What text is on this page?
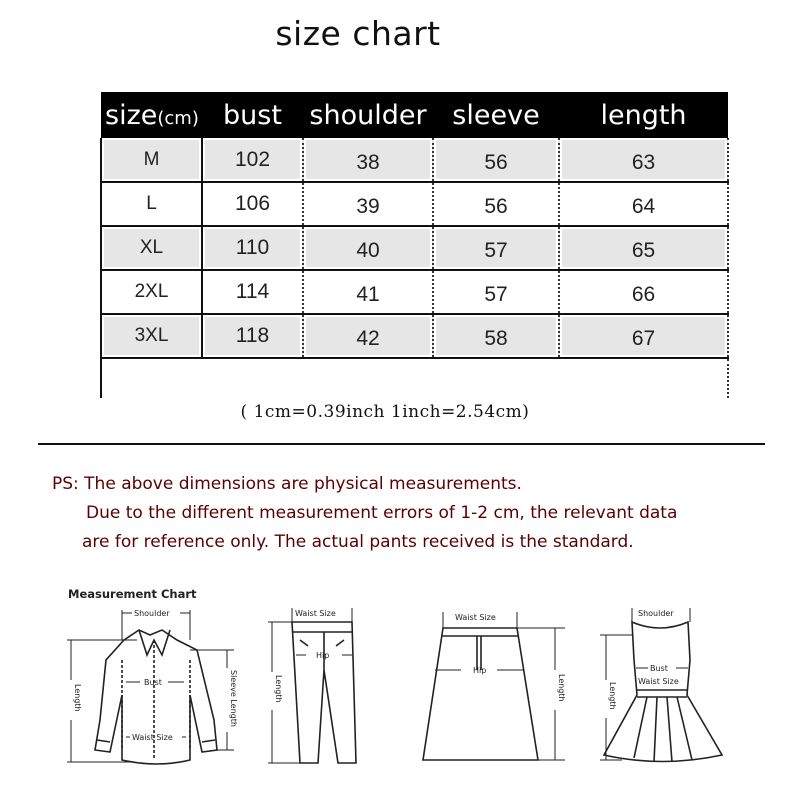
size chart
size(cm)	bust	shoulder	sleeve	length
M	102	38	56	63
L	106	39	56	64
XL	110	40	57	65
2XL	114	41	57	66
3XL	118	42	58	67

( 1cm=0.39inch 1inch=2.54cm)
PS: The above dimensions are physical measurements.
Due to the different measurement errors of 1-2 cm, the relevant data
are for reference only. The actual pants received is the standard.
Measurement Chart
Shoulder
Bust
Waist Size
Length	Sleeve Length
Waist Size
Hip
Length
Waist Size
Hip
Length
Shoulder
Bust
Waist Size
Length
